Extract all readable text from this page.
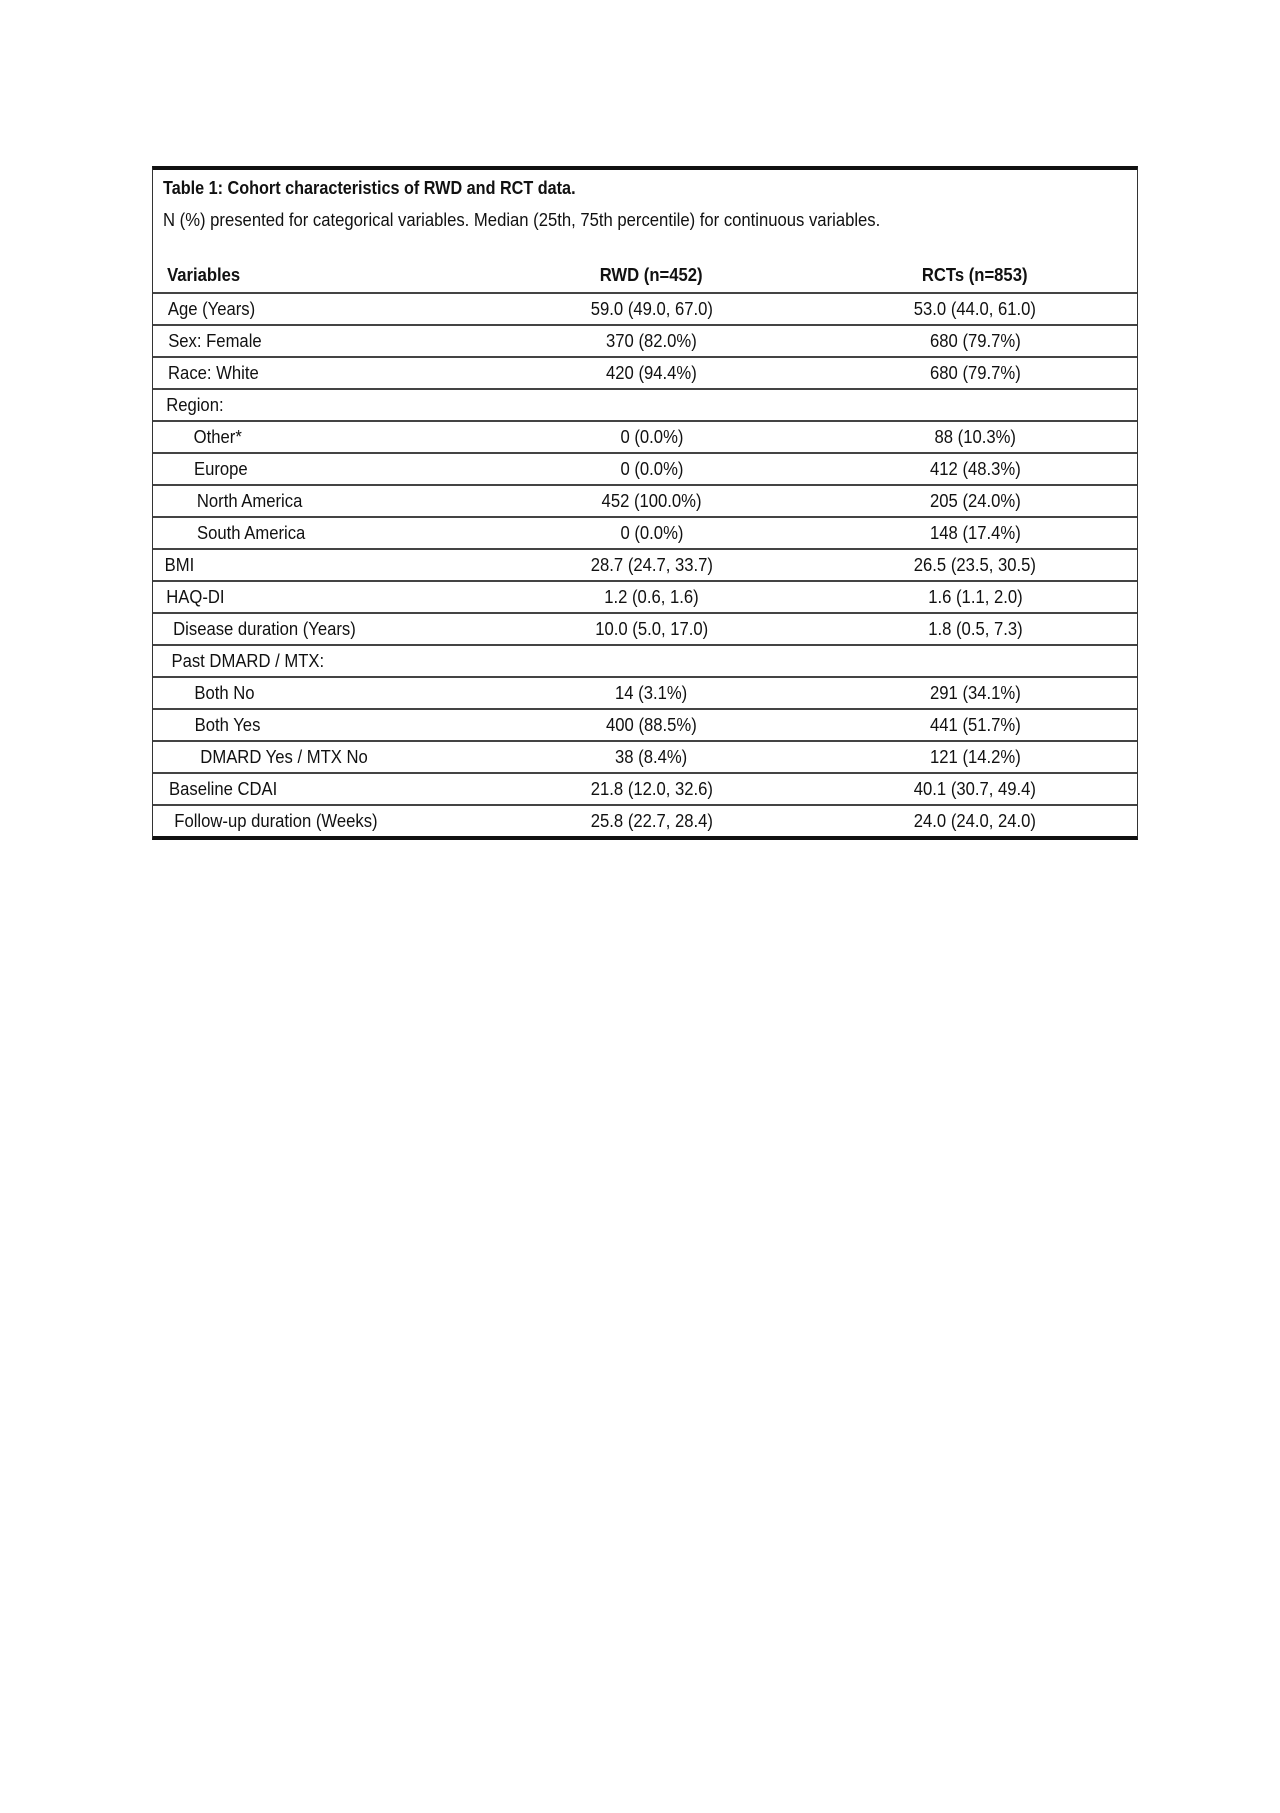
Table 1: Cohort characteristics of RWD and RCT data.
N (%) presented for categorical variables. Median (25th, 75th percentile) for continuous variables.
Variables	RWD (n=452)	RCTs (n=853)
Age (Years)	59.0 (49.0, 67.0)	53.0 (44.0, 61.0)
Sex: Female	370 (82.0%)	680 (79.7%)
Race: White	420 (94.4%)	680 (79.7%)
Region:
Other*	0 (0.0%)	88 (10.3%)
Europe	0 (0.0%)	412 (48.3%)
North America	452 (100.0%)	205 (24.0%)
South America	0 (0.0%)	148 (17.4%)
BMI	28.7 (24.7, 33.7)	26.5 (23.5, 30.5)
HAQ-DI	1.2 (0.6, 1.6)	1.6 (1.1, 2.0)
Disease duration (Years)	10.0 (5.0, 17.0)	1.8 (0.5, 7.3)
Past DMARD / MTX:
Both No	14 (3.1%)	291 (34.1%)
Both Yes	400 (88.5%)	441 (51.7%)
DMARD Yes / MTX No	38 (8.4%)	121 (14.2%)
Baseline CDAI	21.8 (12.0, 32.6)	40.1 (30.7, 49.4)
Follow-up duration (Weeks)	25.8 (22.7, 28.4)	24.0 (24.0, 24.0)
